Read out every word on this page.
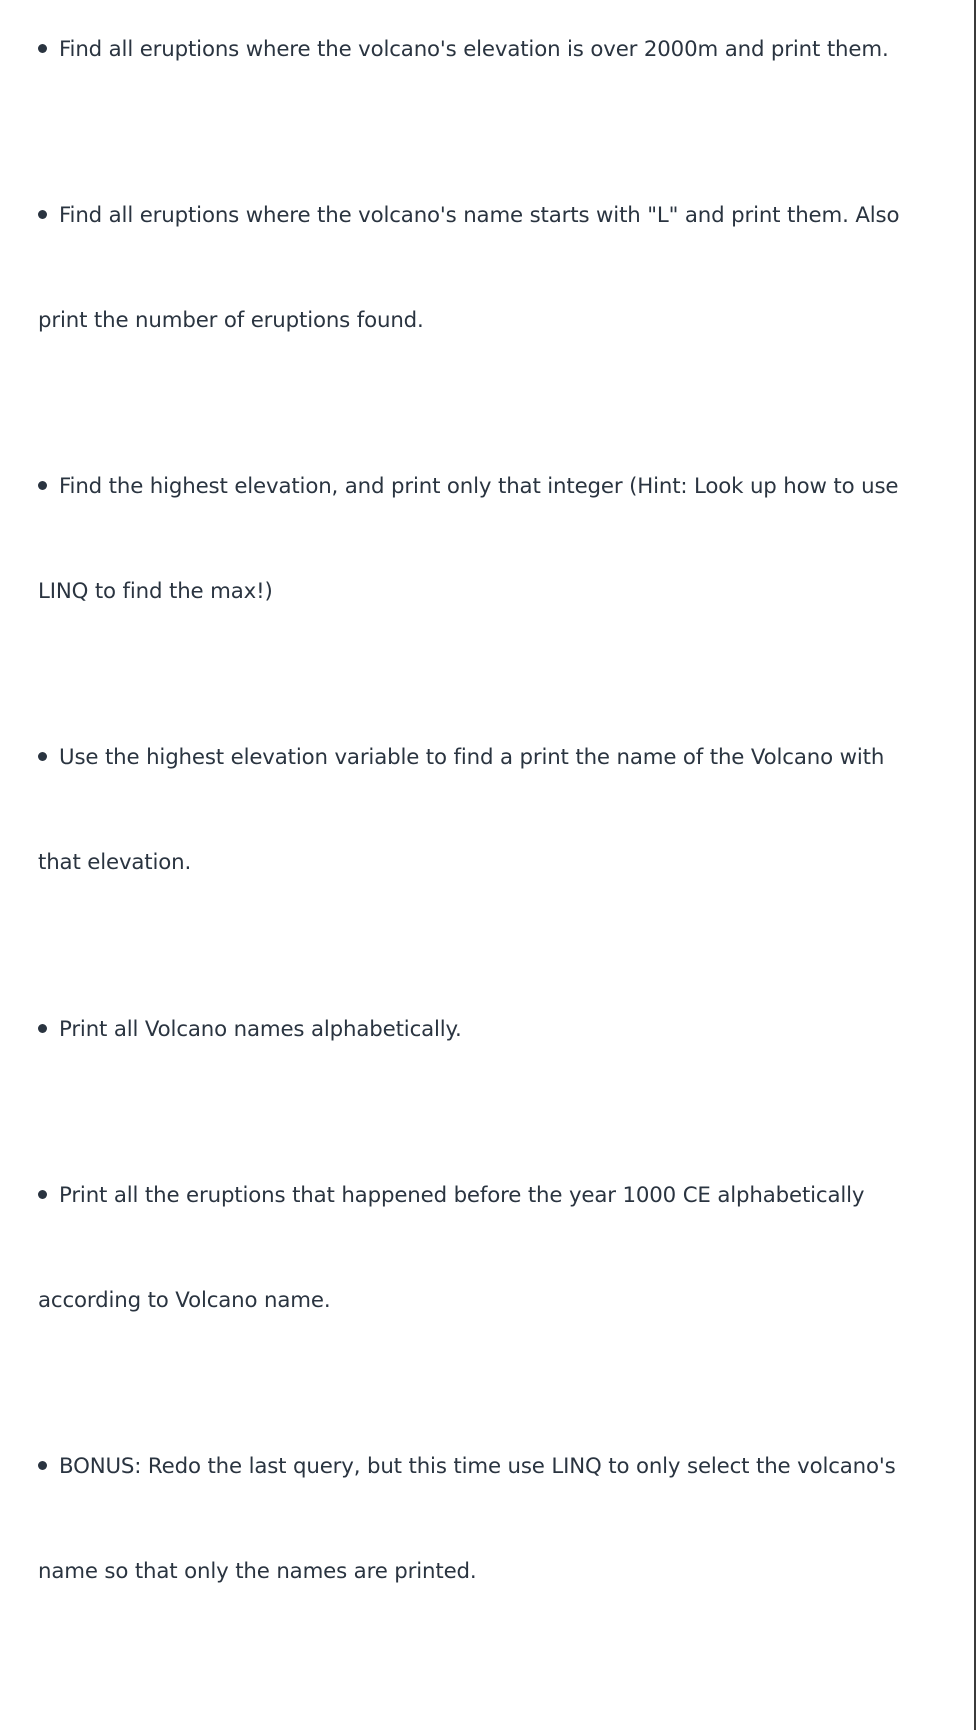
Find all eruptions where the volcano's elevation is over 2000m and print them.
Find all eruptions where the volcano's name starts with "L" and print them. Also
print the number of eruptions found.
Find the highest elevation, and print only that integer (Hint: Look up how to use
LINQ to find the max!)
Use the highest elevation variable to find a print the name of the Volcano with
that elevation.
Print all Volcano names alphabetically.
Print all the eruptions that happened before the year 1000 CE alphabetically
according to Volcano name.
BONUS: Redo the last query, but this time use LINQ to only select the volcano's
name so that only the names are printed.
